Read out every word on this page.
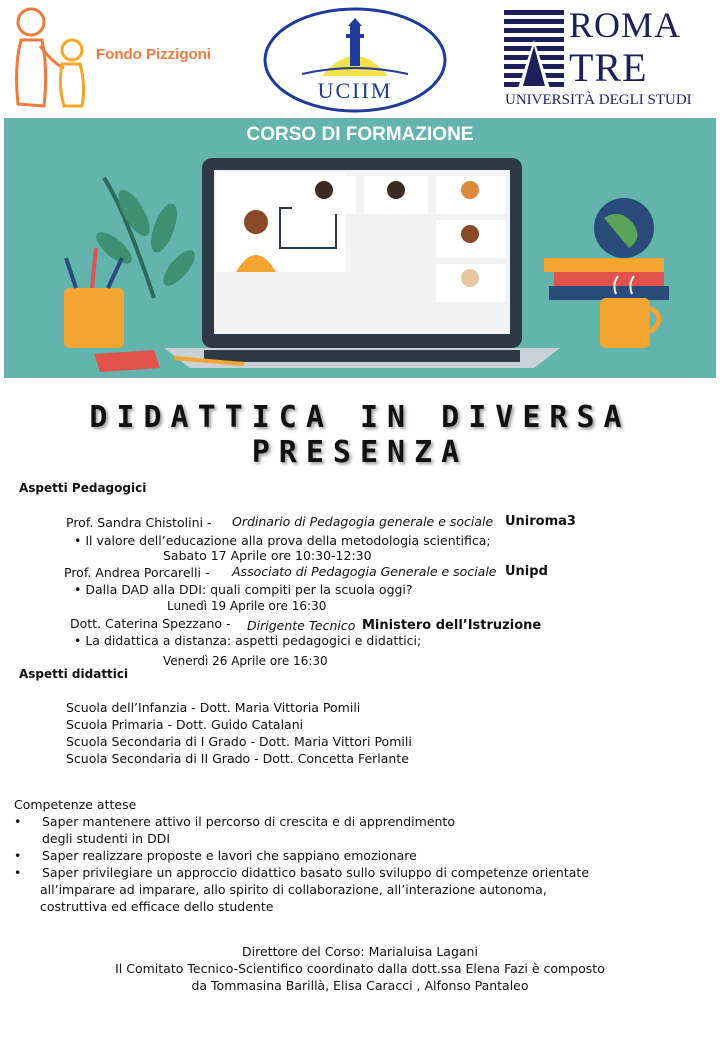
Fondo Pizzigoni
UCIIM
ROMA
TRE
UNIVERSITÀ DEGLI STUDI
CORSO DI FORMAZIONE
DIDATTICA IN DIVERSA PRESENZA
Aspetti Pedagogici
Prof. Sandra Chistolini - Ordinario di Pedagogia generale e sociale Uniroma3
• Il valore dell’educazione alla prova della metodologia scientifica;
Sabato 17 Aprile ore 10:30-12:30
Prof. Andrea Porcarelli - Associato di Pedagogia Generale e sociale Unipd
• Dalla DAD alla DDI: quali compiti per la scuola oggi?
Lunedì 19 Aprile ore 16:30
Dott. Caterina Spezzano - Dirigente Tecnico Ministero dell’Istruzione
• La didattica a distanza: aspetti pedagogici e didattici;
Venerdì 26 Aprile ore 16:30
Aspetti didattici
Scuola dell’Infanzia - Dott. Maria Vittoria Pomili
Scuola Primaria - Dott. Guido Catalani
Scuola Secondaria di I Grado - Dott. Maria Vittori Pomili
Scuola Secondaria di II Grado - Dott. Concetta Ferlante
Competenze attese
• Saper mantenere attivo il percorso di crescita e di apprendimento
degli studenti in DDI
• Saper realizzare proposte e lavori che sappiano emozionare
• Saper privilegiare un approccio didattico basato sullo sviluppo di competenze orientate
all’imparare ad imparare, allo spirito di collaborazione, all’interazione autonoma,
costruttiva ed efficace dello studente
Direttore del Corso: Marialuisa Lagani
Il Comitato Tecnico-Scientifico coordinato dalla dott.ssa Elena Fazi è composto
da Tommasina Barillà, Elisa Caracci , Alfonso Pantaleo
